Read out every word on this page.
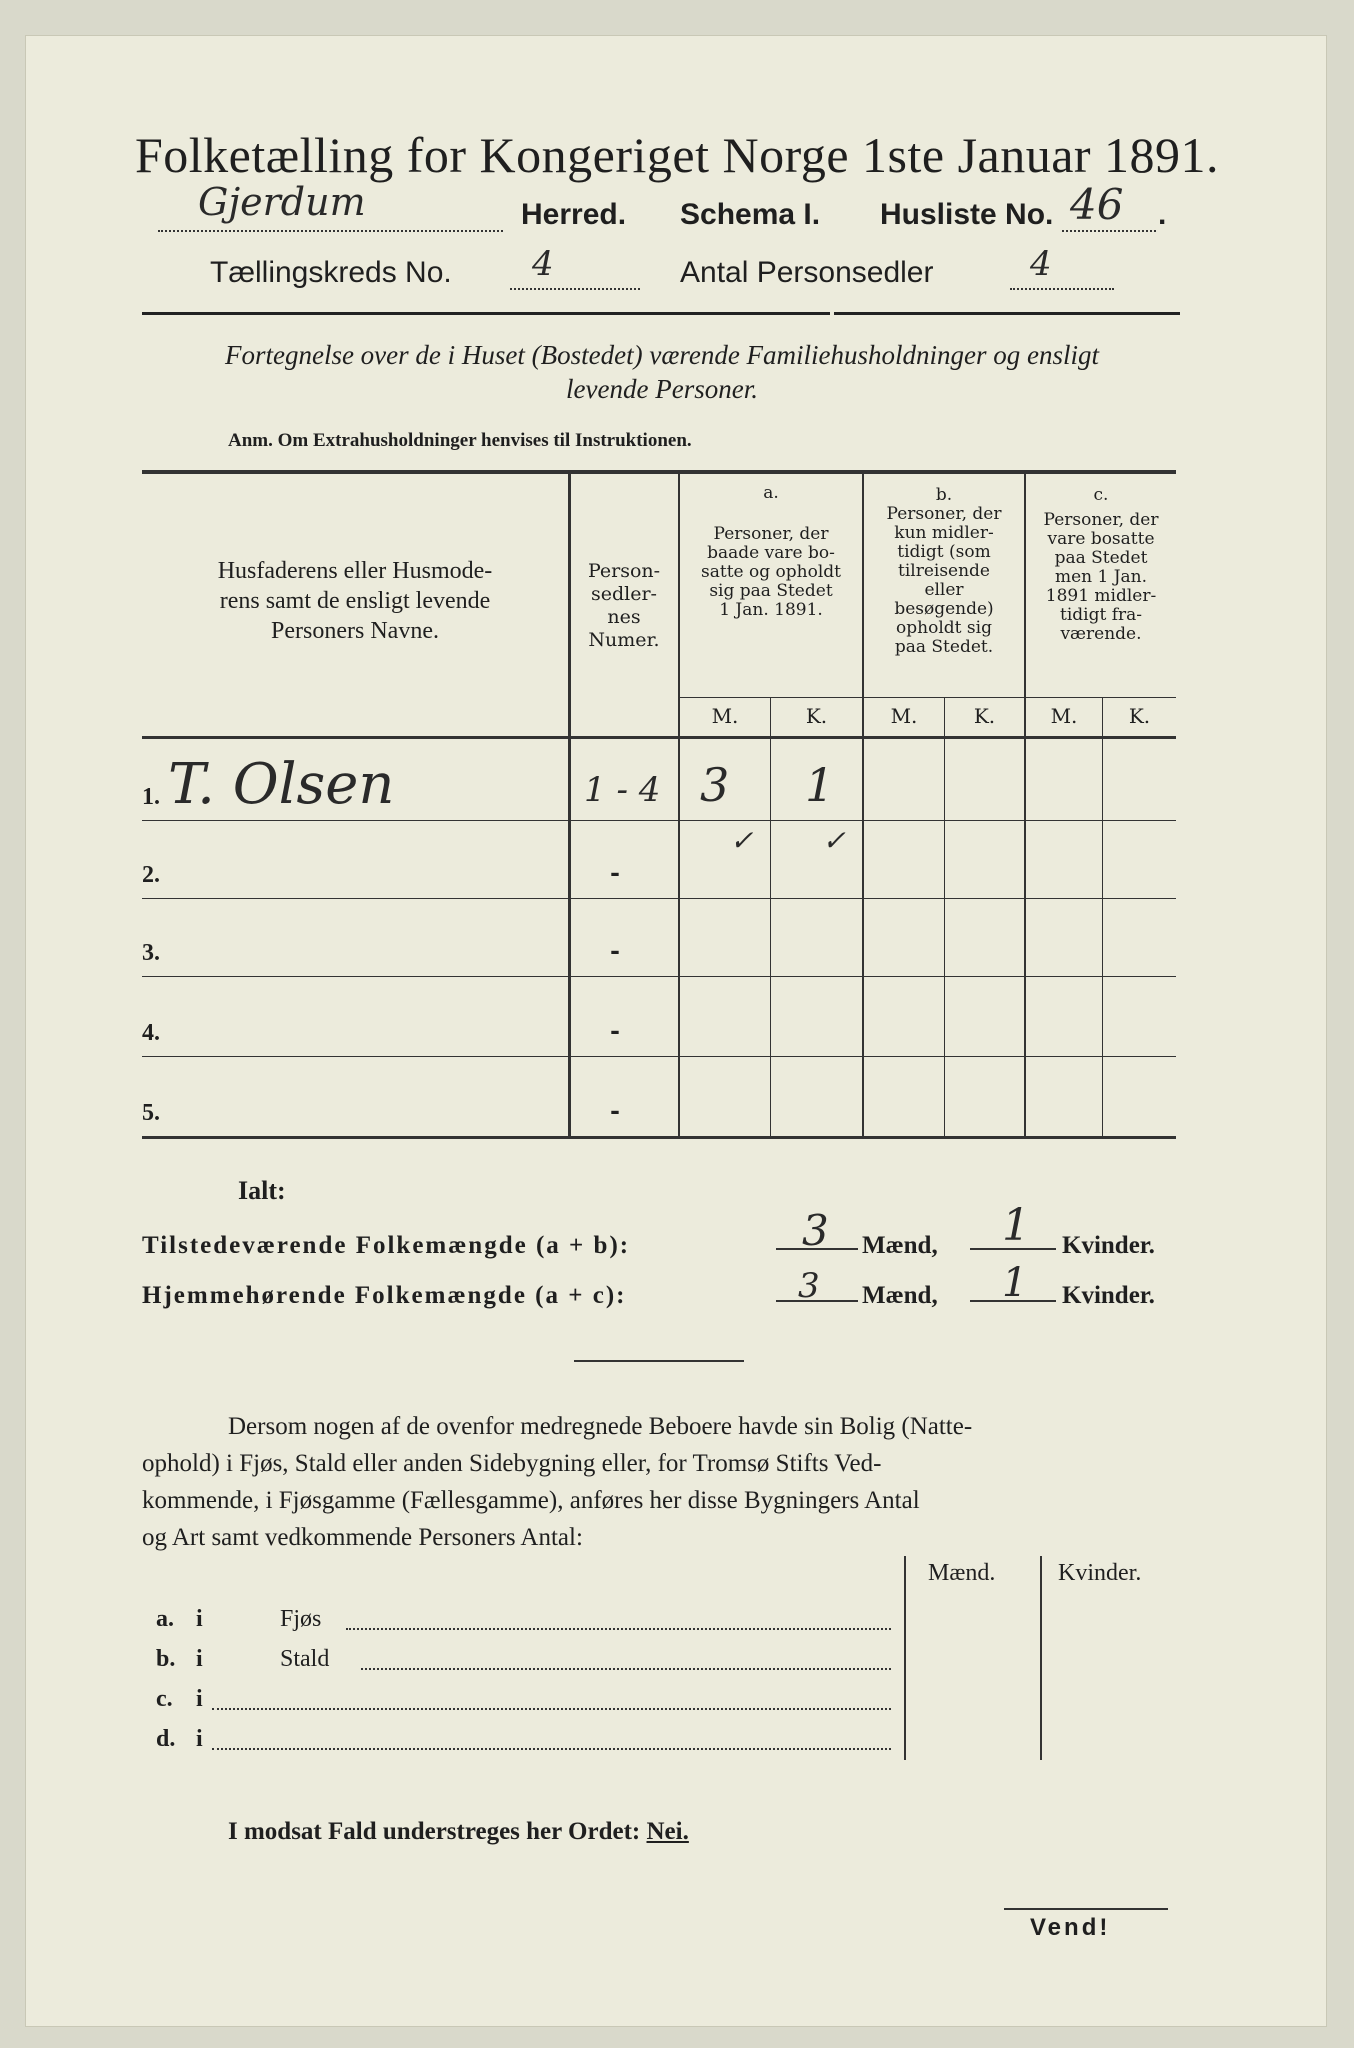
Folketælling for Kongeriget Norge 1ste Januar 1891.
Gjerdum	Herred. Schema I. Husliste No. 46 .
Tællingskreds No. 4	Antal Personsedler	4
Fortegnelse over de i Huset (Bostedet) værende Familiehusholdninger og ensligt
levende Personer.
Anm. Om Extrahusholdninger henvises til Instruktionen.
Husfaderens eller Husmode-
rens samt de ensligt levende
Personers Navne.
Person-
sedler-
nes
Numer.
a.
Personer, der
baade vare bo-
satte og opholdt
sig paa Stedet
1 Jan. 1891.
b.
Personer, der
kun midler-
tidigt (som
tilreisende
eller
besøgende)
opholdt sig
paa Stedet.
c.
Personer, der
vare bosatte
paa Stedet
men 1 Jan.
1891 midler-
tidigt fra-
værende.
M.	K.	M.	K.	M.	K.
1. T. Olsen	1 - 4 3 1
✓ ✓
2.	-
3.	-
4.	-
5.	-
Ialt:
Tilstedeværende Folkemængde (a + b):	3 Mænd, 1 Kvinder.
Hjemmehørende Folkemængde (a + c):	3 Mænd, 1 Kvinder.
Dersom nogen af de ovenfor medregnede Beboere havde sin Bolig (Natte-
ophold) i Fjøs, Stald eller anden Sidebygning eller, for Tromsø Stifts Ved-
kommende, i Fjøsgamme (Fællesgamme), anføres her disse Bygningers Antal
og Art samt vedkommende Personers Antal:
Mænd.	Kvinder.
a. i	Fjøs
b. i	Stald
c. i
d. i
I modsat Fald understreges her Ordet: Nei.
Vend!
